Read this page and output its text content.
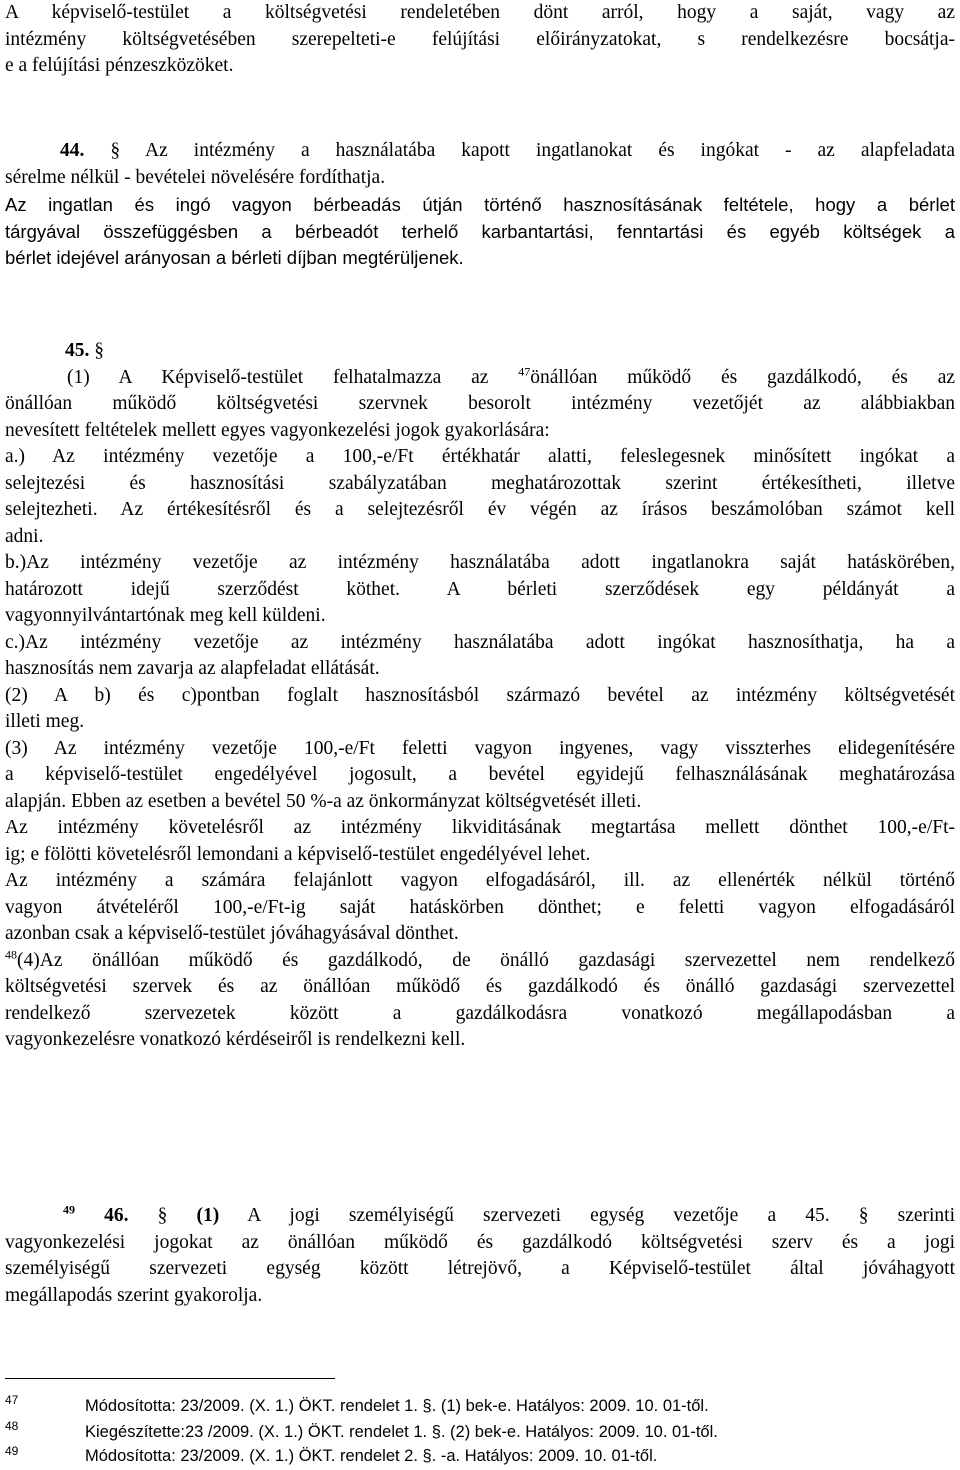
A képviselő-testület a költségvetési rendeletében dönt arról, hogy a saját, vagy az
intézmény költségvetésében szerepelteti-e felújítási előirányzatokat, s rendelkezésre bocsátja-
e a felújítási pénzeszközöket.
44. § Az intézmény a használatába kapott ingatlanokat és ingókat - az alapfeladata
sérelme nélkül - bevételei növelésére fordíthatja.
Az ingatlan és ingó vagyon bérbeadás útján történő hasznosításának feltétele, hogy a bérlet
tárgyával összefüggésben a bérbeadót terhelő karbantartási, fenntartási és egyéb költségek a
bérlet idejével arányosan a bérleti díjban megtérüljenek.
45. §
(1) A Képviselő-testület felhatalmazza az $^{47}$önállóan működő és gazdálkodó, és az
önállóan működő költségvetési szervnek besorolt intézmény vezetőjét az alábbiakban
nevesített feltételek mellett egyes vagyonkezelési jogok gyakorlására:
a.) Az intézmény vezetője a 100,-e/Ft értékhatár alatti, feleslegesnek minősített ingókat a
selejtezési és hasznosítási szabályzatában meghatározottak szerint értékesítheti, illetve
selejtezheti. Az értékesítésről és a selejtezésről év végén az írásos beszámolóban számot kell
adni.
b.)Az intézmény vezetője az intézmény használatába adott ingatlanokra saját hatáskörében,
határozott idejű szerződést köthet. A bérleti szerződések egy példányát a
vagyonnyilvántartónak meg kell küldeni.
c.)Az intézmény vezetője az intézmény használatába adott ingókat hasznosíthatja, ha a
hasznosítás nem zavarja az alapfeladat ellátását.
(2) A b) és c)pontban foglalt hasznosításból származó bevétel az intézmény költségvetését
illeti meg.
(3) Az intézmény vezetője 100,-e/Ft feletti vagyon ingyenes, vagy visszterhes elidegenítésére
a képviselő-testület engedélyével jogosult, a bevétel egyidejű felhasználásának meghatározása
alapján. Ebben az esetben a bevétel 50 %-a az önkormányzat költségvetését illeti.
Az intézmény követelésről az intézmény likviditásának megtartása mellett dönthet 100,-e/Ft-
ig; e fölötti követelésről lemondani a képviselő-testület engedélyével lehet.
Az intézmény a számára felajánlott vagyon elfogadásáról, ill. az ellenérték nélkül történő
vagyon átvételéről 100,-e/Ft-ig saját hatáskörben dönthet; e feletti vagyon elfogadásáról
azonban csak a képviselő-testület jóváhagyásával dönthet.
$^{48}$(4)Az önállóan működő és gazdálkodó, de önálló gazdasági szervezettel nem rendelkező
költségvetési szervek és az önállóan működő és gazdálkodó és önálló gazdasági szervezettel
rendelkező szervezetek között a gazdálkodásra vonatkozó megállapodásban a
vagyonkezelésre vonatkozó kérdéseiről is rendelkezni kell.
$^{49}$ 46. § (1) A jogi személyiségű szervezeti egység vezetője a 45. § szerinti
vagyonkezelési jogokat az önállóan működő és gazdálkodó költségvetési szerv és a jogi
személyiségű szervezeti egység között létrejövő, a Képviselő-testület által jóváhagyott
megállapodás szerint gyakorolja.
47	Módosította: 23/2009. (X. 1.) ÖKT. rendelet 1. §. (1) bek-e. Hatályos: 2009. 10. 01-től.
48	Kiegészítette:23 /2009. (X. 1.) ÖKT. rendelet 1. §. (2) bek-e. Hatályos: 2009. 10. 01-től.
49	Módosította: 23/2009. (X. 1.) ÖKT. rendelet 2. §. -a. Hatályos: 2009. 10. 01-től.
